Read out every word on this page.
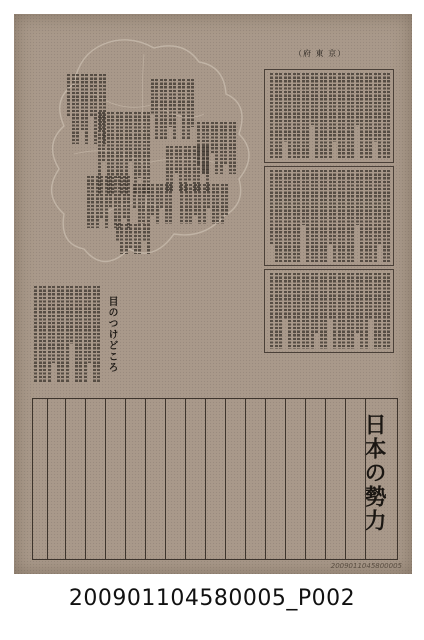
（府 東 京）
目のつけどころ
日本の勢力
2009011045800005
200901104580005_P002
